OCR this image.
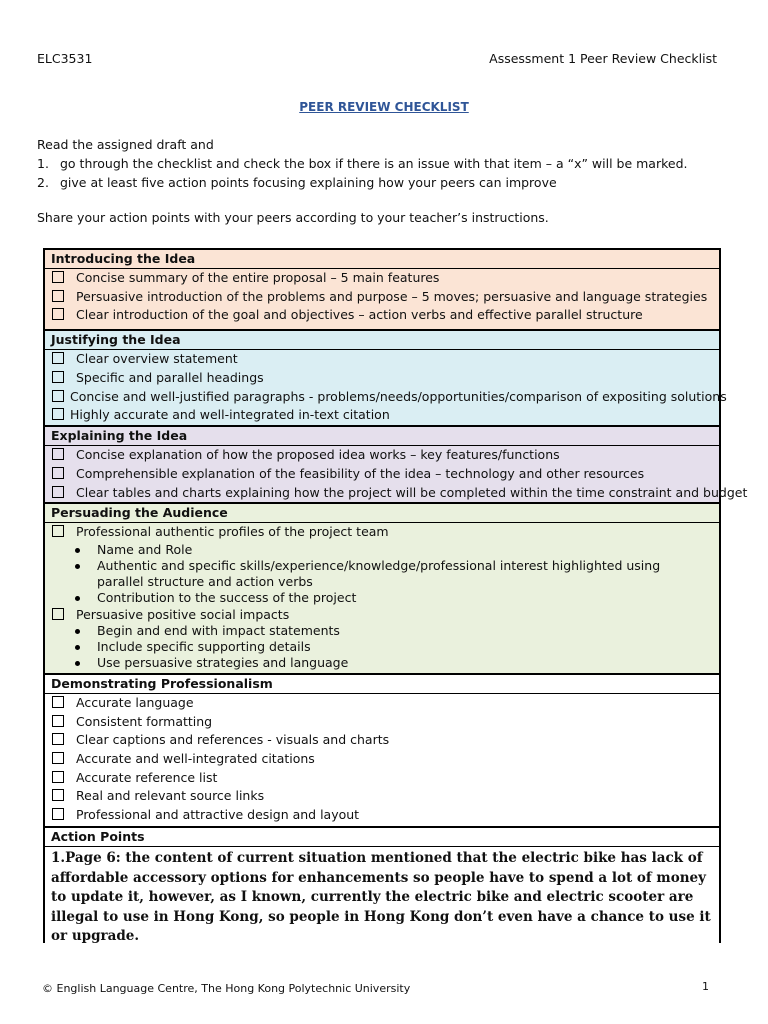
ELC3531	Assessment 1 Peer Review Checklist
PEER REVIEW CHECKLIST
Read the assigned draft and
1. go through the checklist and check the box if there is an issue with that item – a “x” will be marked.
2. give at least five action points focusing explaining how your peers can improve
Share your action points with your peers according to your teacher’s instructions.
Introducing the Idea
Concise summary of the entire proposal – 5 main features
Persuasive introduction of the problems and purpose – 5 moves; persuasive and language strategies
Clear introduction of the goal and objectives – action verbs and effective parallel structure
Justifying the Idea
Clear overview statement
Specific and parallel headings
Concise and well-justified paragraphs - problems/needs/opportunities/comparison of expositing solutions
Highly accurate and well-integrated in-text citation
Explaining the Idea
Concise explanation of how the proposed idea works – key features/functions
Comprehensible explanation of the feasibility of the idea – technology and other resources
Clear tables and charts explaining how the project will be completed within the time constraint and budget
Persuading the Audience
Professional authentic profiles of the project team
Name and Role
Authentic and specific skills/experience/knowledge/professional interest highlighted using parallel structure and action verbs
Contribution to the success of the project
Persuasive positive social impacts
Begin and end with impact statements
Include specific supporting details
Use persuasive strategies and language
Demonstrating Professionalism
Accurate language
Consistent formatting
Clear captions and references - visuals and charts
Accurate and well-integrated citations
Accurate reference list
Real and relevant source links
Professional and attractive design and layout
Action Points
1.Page 6: the content of current situation mentioned that the electric bike has lack of affordable accessory options for enhancements so people have to spend a lot of money to update it, however, as I known, currently the electric bike and electric scooter are illegal to use in Hong Kong, so people in Hong Kong don’t even have a chance to use it or upgrade.
© English Language Centre, The Hong Kong Polytechnic University	1
